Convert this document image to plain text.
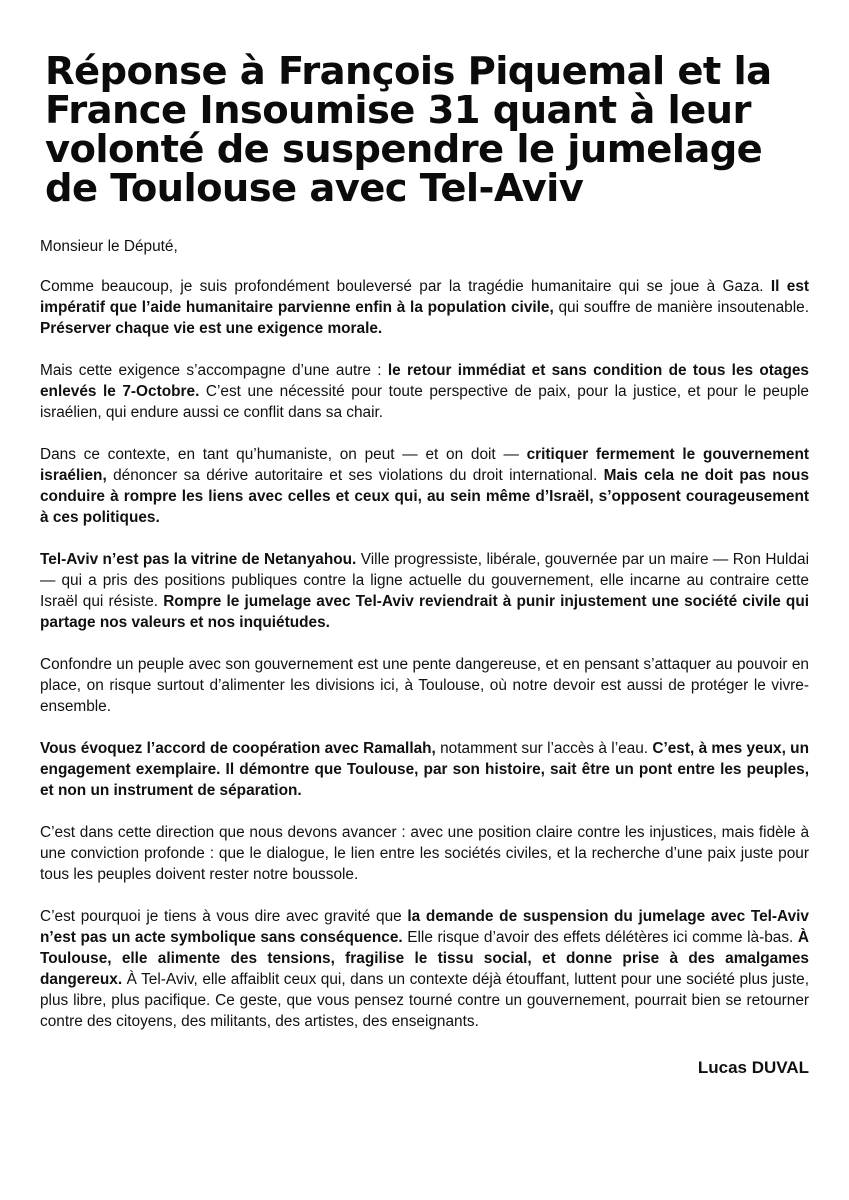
Réponse à François Piquemal et la France Insoumise 31 quant à leur volonté de suspendre le jumelage de Toulouse avec Tel-Aviv

Monsieur le Député,

Comme beaucoup, je suis profondément bouleversé par la tragédie humanitaire qui se joue à Gaza. Il est impératif que l’aide humanitaire parvienne enfin à la population civile, qui souffre de manière insoutenable. Préserver chaque vie est une exigence morale.

Mais cette exigence s’accompagne d’une autre : le retour immédiat et sans condition de tous les otages enlevés le 7-Octobre. C’est une nécessité pour toute perspective de paix, pour la justice, et pour le peuple israélien, qui endure aussi ce conflit dans sa chair.

Dans ce contexte, en tant qu’humaniste, on peut — et on doit — critiquer fermement le gouvernement israélien, dénoncer sa dérive autoritaire et ses violations du droit international. Mais cela ne doit pas nous conduire à rompre les liens avec celles et ceux qui, au sein même d’Israël, s’opposent courageusement à ces politiques.

Tel-Aviv n’est pas la vitrine de Netanyahou. Ville progressiste, libérale, gouvernée par un maire — Ron Huldai — qui a pris des positions publiques contre la ligne actuelle du gouvernement, elle incarne au contraire cette Israël qui résiste. Rompre le jumelage avec Tel-Aviv reviendrait à punir injustement une société civile qui partage nos valeurs et nos inquiétudes.

Confondre un peuple avec son gouvernement est une pente dangereuse, et en pensant s’attaquer au pouvoir en place, on risque surtout d’alimenter les divisions ici, à Toulouse, où notre devoir est aussi de protéger le vivre-ensemble.

Vous évoquez l’accord de coopération avec Ramallah, notamment sur l’accès à l’eau. C’est, à mes yeux, un engagement exemplaire. Il démontre que Toulouse, par son histoire, sait être un pont entre les peuples, et non un instrument de séparation.

C’est dans cette direction que nous devons avancer : avec une position claire contre les injustices, mais fidèle à une conviction profonde : que le dialogue, le lien entre les sociétés civiles, et la recherche d’une paix juste pour tous les peuples doivent rester notre boussole.

C’est pourquoi je tiens à vous dire avec gravité que la demande de suspension du jumelage avec Tel-Aviv n’est pas un acte symbolique sans conséquence. Elle risque d’avoir des effets délétères ici comme là-bas. À Toulouse, elle alimente des tensions, fragilise le tissu social, et donne prise à des amalgames dangereux. À Tel-Aviv, elle affaiblit ceux qui, dans un contexte déjà étouffant, luttent pour une société plus juste, plus libre, plus pacifique. Ce geste, que vous pensez tourné contre un gouvernement, pourrait bien se retourner contre des citoyens, des militants, des artistes, des enseignants.

Lucas DUVAL
